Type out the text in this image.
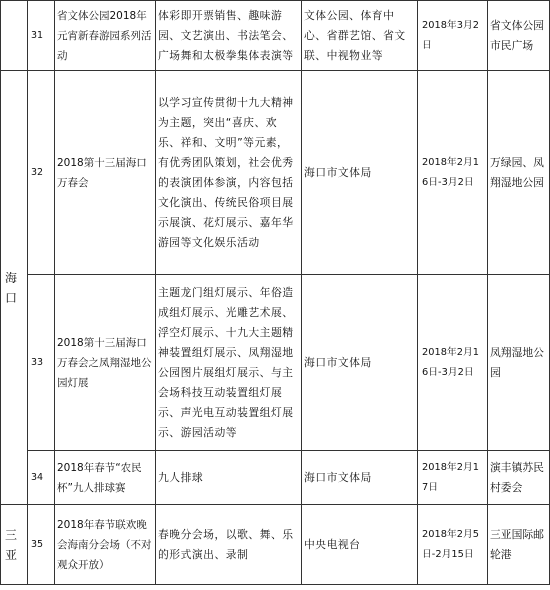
	31	省文体公园2018年元宵新春游园系列活动	体彩即开票销售、趣味游园、文艺演出、书法笔会、广场舞和太极拳集体表演等	文体公园、体育中心、省群艺馆、省文联、中视物业等	2018年3月2日	省文体公园市民广场
海口	32	2018第十三届海口万春会	以学习宣传贯彻十九大精神为主题，突出“喜庆、欢乐、祥和、文明”等元素，有优秀团队策划，社会优秀的表演团体参演，内容包括文化演出、传统民俗项目展示展演、花灯展示、嘉年华游园等文化娱乐活动	海口市文体局	2018年2月16日-3月2日	万绿园、凤翔湿地公园
	33	2018第十三届海口万春会之凤翔湿地公园灯展	主题龙门组灯展示、年俗造成组灯展示、光雕艺术展、浮空灯展示、十九大主题精神装置组灯展示、凤翔湿地公园图片展组灯展示、与主会场科技互动装置组灯展示、声光电互动装置组灯展示、游园活动等	海口市文体局	2018年2月16日-3月2日	凤翔湿地公园
	34	2018年春节“农民杯”九人排球赛	九人排球	海口市文体局	2018年2月17日	演丰镇苏民村委会
三亚	35	2018年春节联欢晚会海南分会场（不对观众开放）	春晚分会场，以歌、舞、乐的形式演出、录制	中央电视台	2018年2月5日-2月15日	三亚国际邮轮港
